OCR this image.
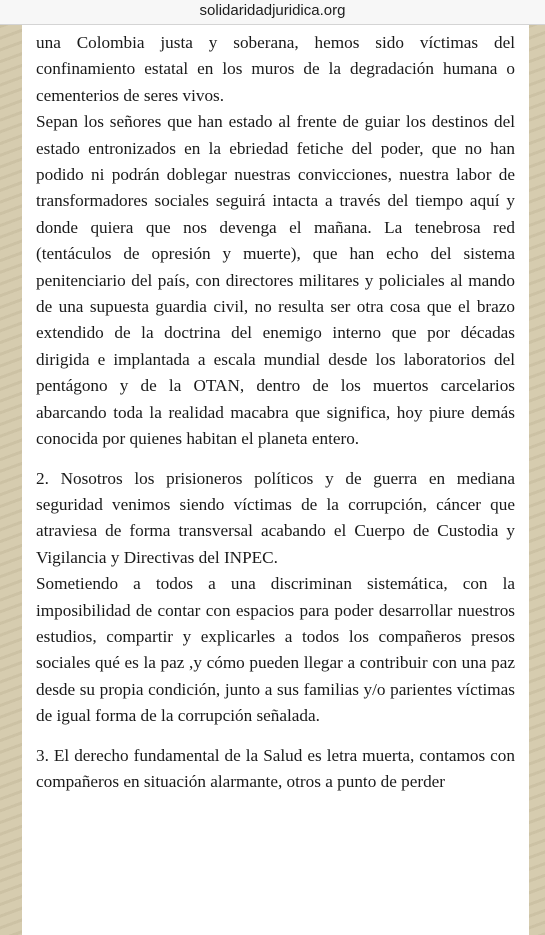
solidaridadjuridica.org

una Colombia justa y soberana, hemos sido víctimas del confinamiento estatal en los muros de la degradación humana o cementerios de seres vivos.

Sepan los señores que han estado al frente de guiar los destinos del estado entronizados en la ebriedad fetiche del poder, que no han podido ni podrán doblegar nuestras convicciones, nuestra labor de transformadores sociales seguirá intacta a través del tiempo aquí y donde quiera que nos devenga el mañana. La tenebrosa red (tentáculos de opresión y muerte), que han echo del sistema penitenciario del país, con directores militares y policiales al mando de una supuesta guardia civil, no resulta ser otra cosa que el brazo extendido de la doctrina del enemigo interno que por décadas dirigida e implantada a escala mundial desde los laboratorios del pentágono y de la OTAN, dentro de los muertos carcelarios abarcando toda la realidad macabra que significa, hoy piure demás conocida por quienes habitan el planeta entero.

2. Nosotros los prisioneros políticos y de guerra en mediana seguridad venimos siendo víctimas de la corrupción, cáncer que atraviesa de forma transversal acabando el Cuerpo de Custodia y Vigilancia y Directivas del INPEC.

Sometiendo a todos a una discriminan sistemática, con la imposibilidad de contar con espacios para poder desarrollar nuestros estudios, compartir y explicarles a todos los compañeros presos sociales qué es la paz ,y cómo pueden llegar a contribuir con una paz desde su propia condición, junto a sus familias y/o parientes víctimas de igual forma de la corrupción señalada.

3. El derecho fundamental de la Salud es letra muerta, contamos con compañeros en situación alarmante, otros a punto de perder
